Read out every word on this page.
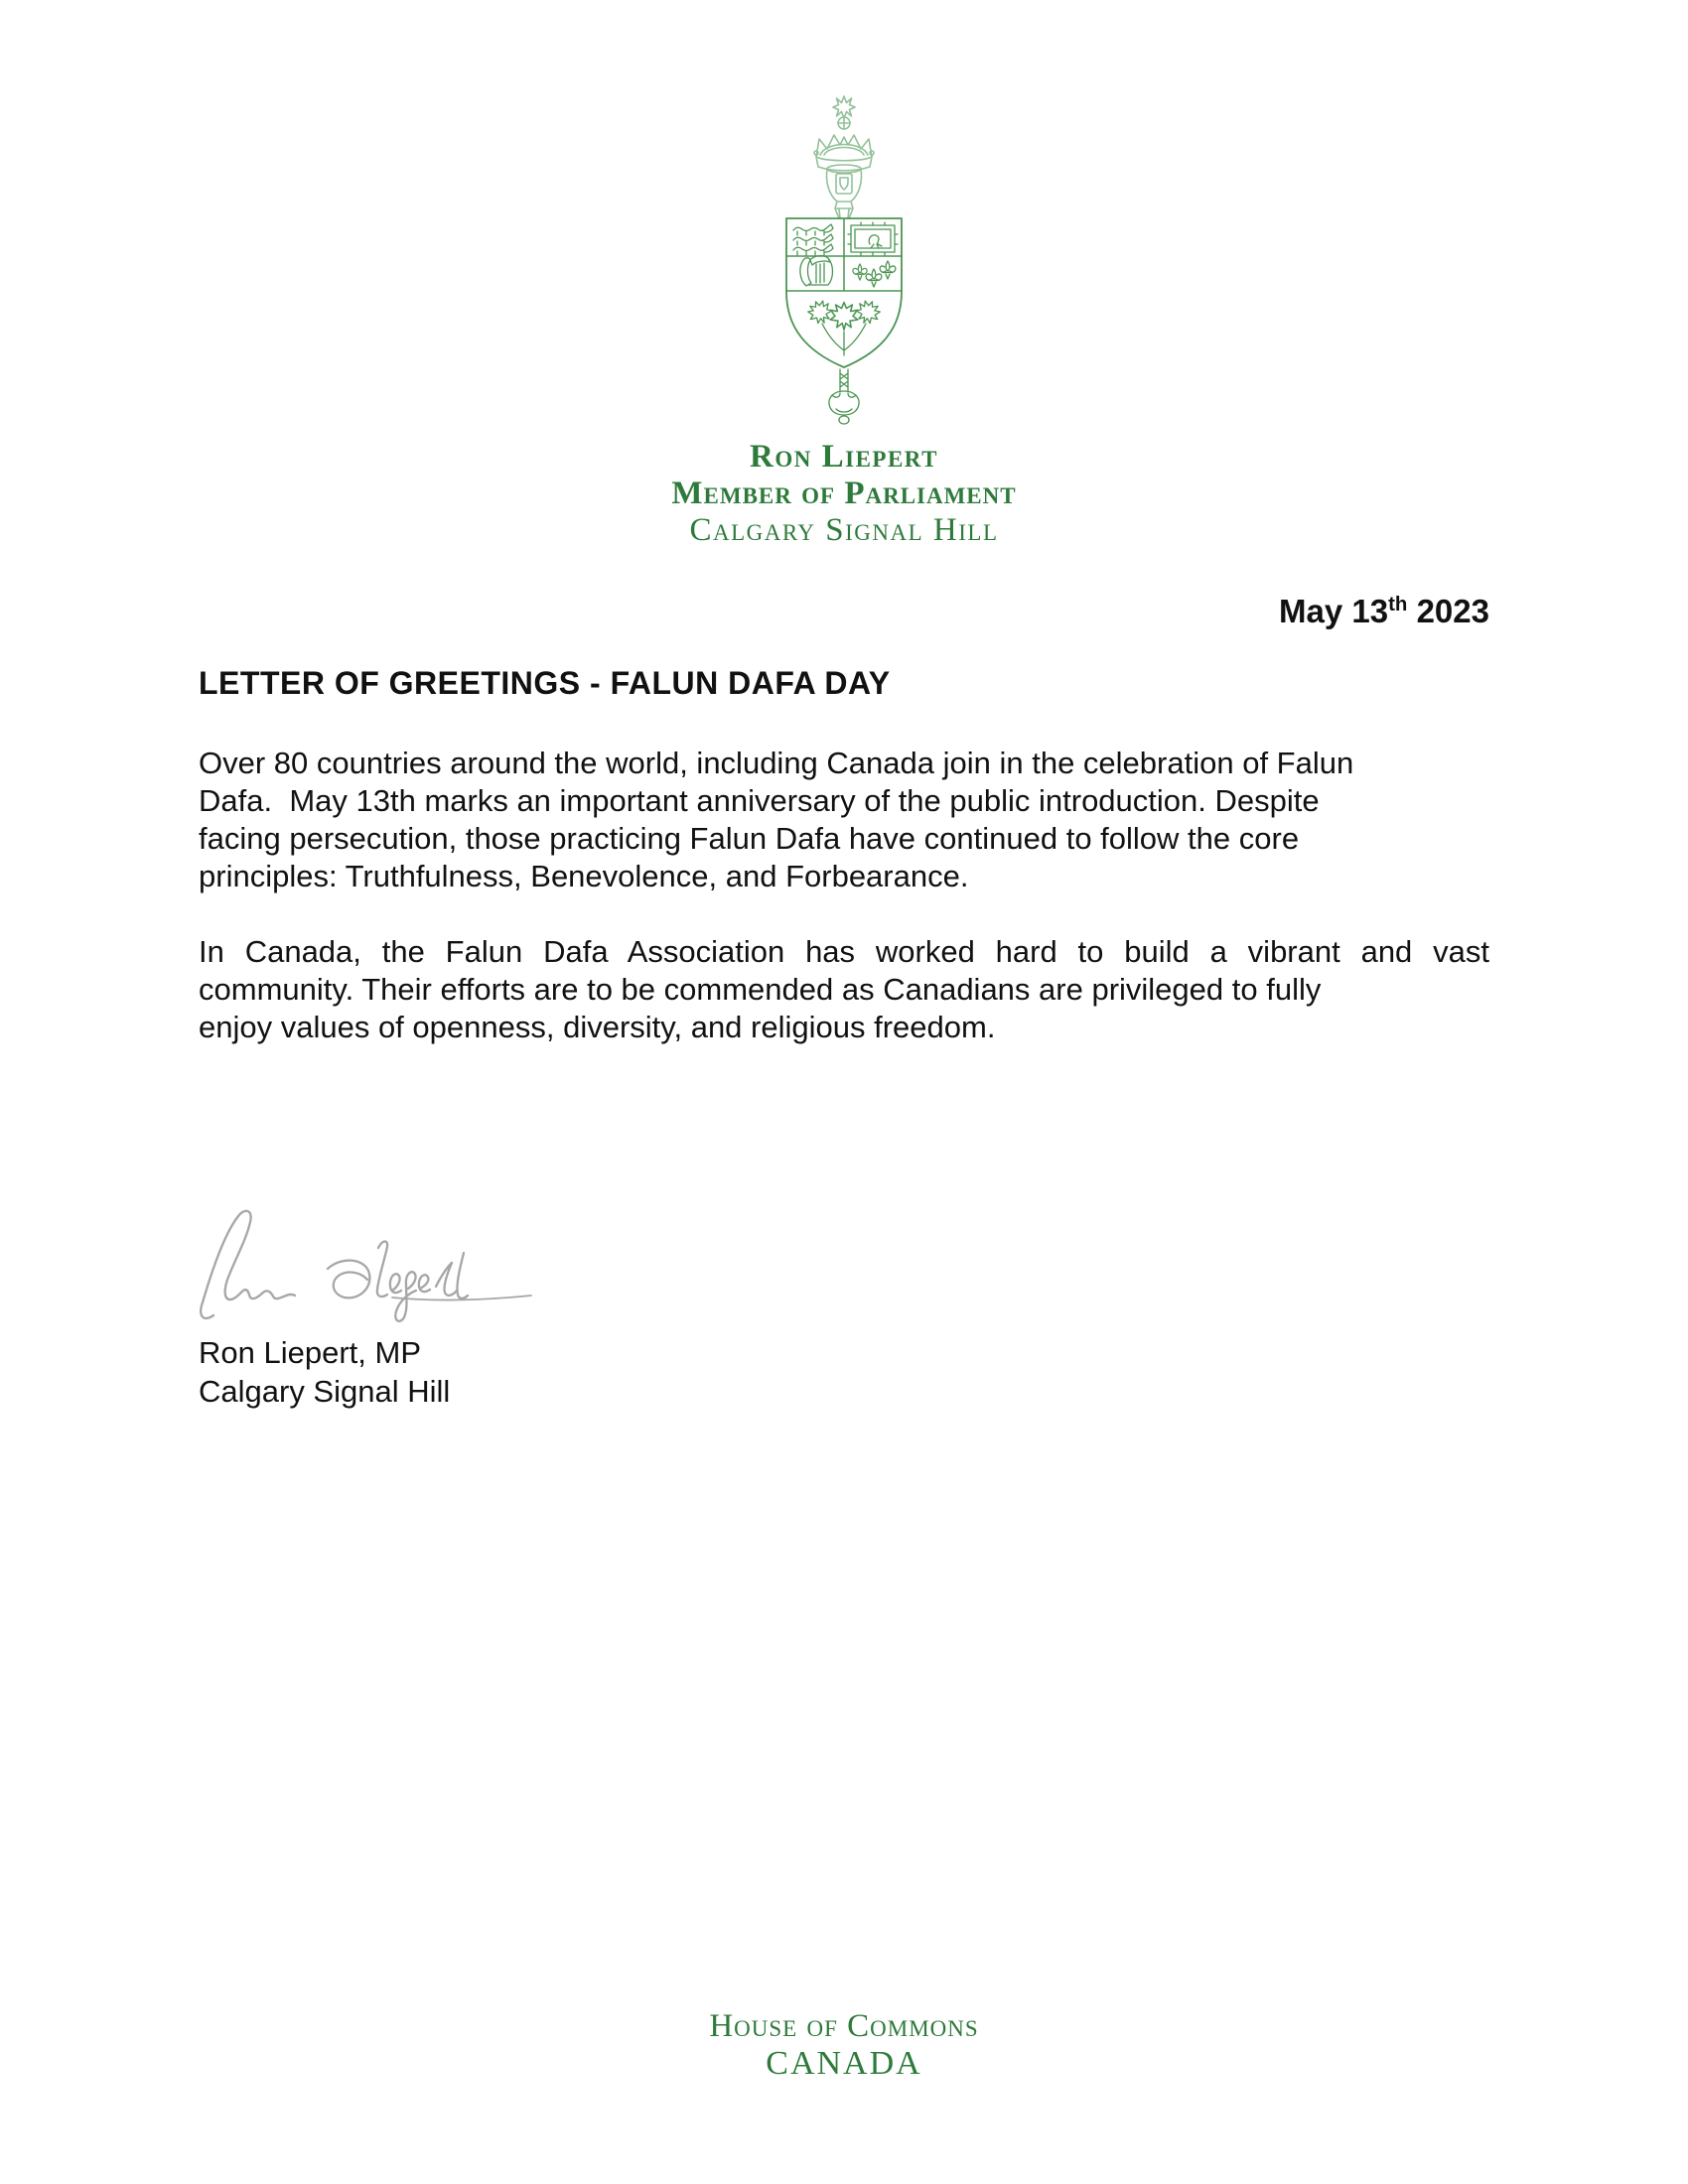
Ron Liepert
Member of Parliament
Calgary Signal Hill
May 13th 2023
LETTER OF GREETINGS - FALUN DAFA DAY
Over 80 countries around the world, including Canada join in the celebration of Falun
Dafa.  May 13th marks an important anniversary of the public introduction. Despite
facing persecution, those practicing Falun Dafa have continued to follow the core
principles: Truthfulness, Benevolence, and Forbearance.
In Canada, the Falun Dafa Association has worked hard to build a vibrant and vast
community. Their efforts are to be commended as Canadians are privileged to fully
enjoy values of openness, diversity, and religious freedom.
Ron Liepert, MP
Calgary Signal Hill
House of Commons
CANADA
